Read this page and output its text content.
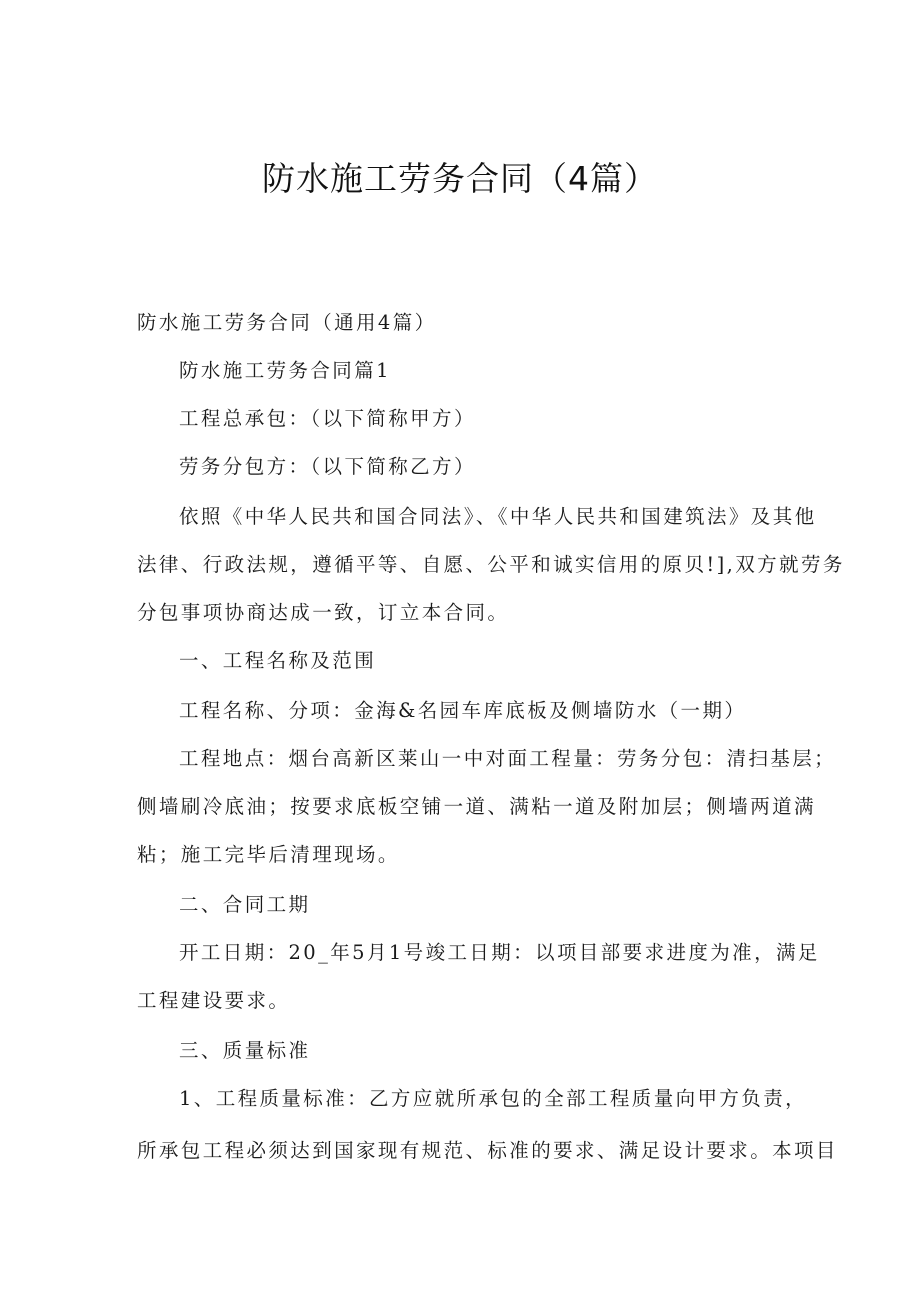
防水施工劳务合同（4篇）
防水施工劳务合同（通用4篇）
防水施工劳务合同篇1
工程总承包：（以下简称甲方）
劳务分包方：（以下简称乙方）
依照《中华人民共和国合同法》、《中华人民共和国建筑法》及其他
法律、行政法规，遵循平等、自愿、公平和诚实信用的原贝!],双方就劳务
分包事项协商达成一致，订立本合同。
一、工程名称及范围
工程名称、分项：金海&名园车库底板及侧墙防水（一期）
工程地点：烟台高新区莱山一中对面工程量：劳务分包：清扫基层；
侧墙刷冷底油；按要求底板空铺一道、满粘一道及附加层；侧墙两道满
粘；施工完毕后清理现场。
二、合同工期
开工日期：20_年5月1号竣工日期：以项目部要求进度为准，满足
工程建设要求。
三、质量标准
1、工程质量标准：乙方应就所承包的全部工程质量向甲方负责，
所承包工程必须达到国家现有规范、标准的要求、满足设计要求。本项目
